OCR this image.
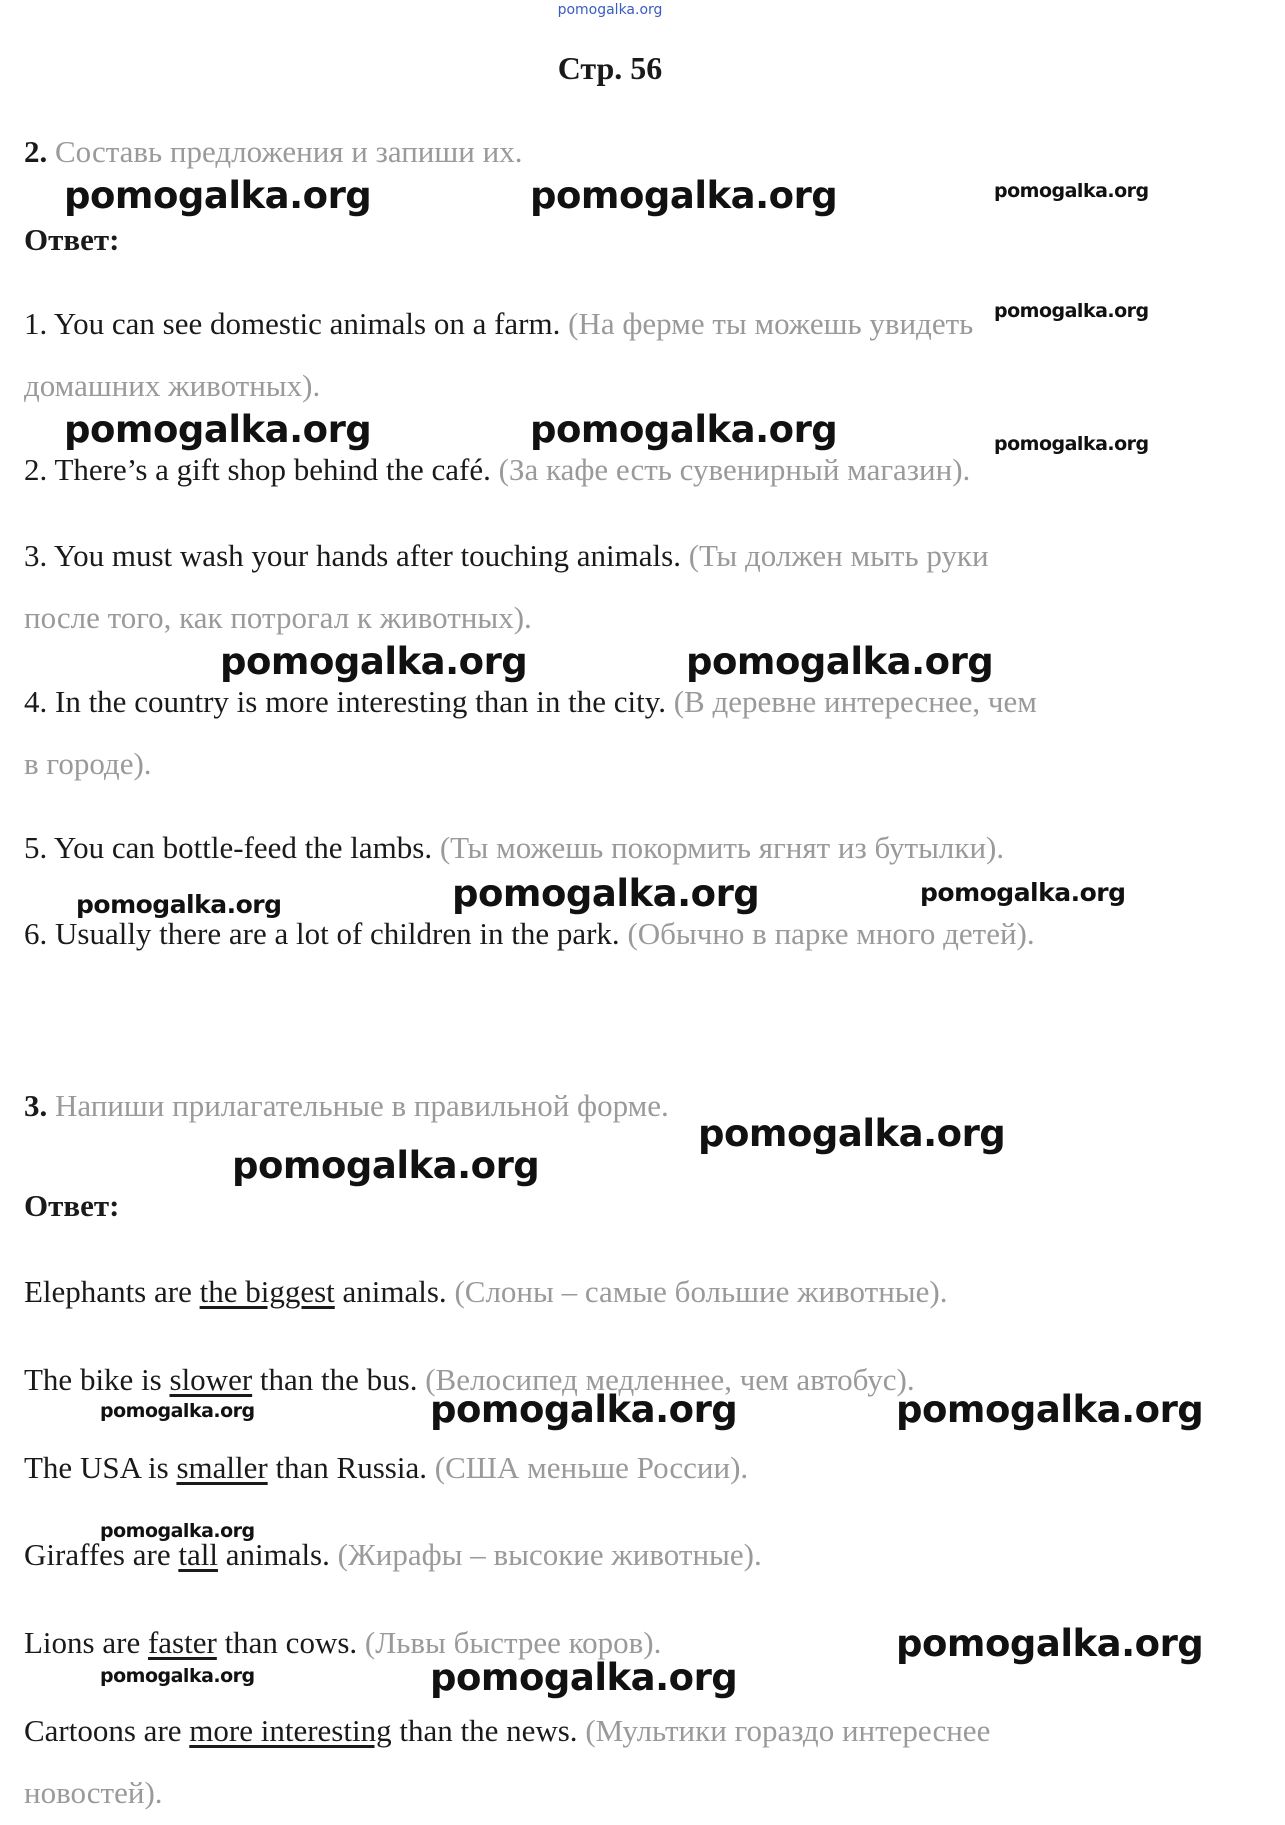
pomogalka.org
Стр. 56
2. Составь предложения и запиши их.
Ответ:
1. You can see domestic animals on a farm. (На ферме ты можешь увидеть
домашних животных).
2. There’s a gift shop behind the café. (За кафе есть сувенирный магазин).
3. You must wash your hands after touching animals. (Ты должен мыть руки
после того, как потрогал к животных).
4. In the country is more interesting than in the city. (В деревне интереснее, чем
в городе).
5. You can bottle-feed the lambs. (Ты можешь покормить ягнят из бутылки).
6. Usually there are a lot of children in the park. (Обычно в парке много детей).
3. Напиши прилагательные в правильной форме.
Ответ:
Elephants are the biggest animals. (Слоны – самые большие животные).
The bike is slower than the bus. (Велосипед медленнее, чем автобус).
The USA is smaller than Russia. (США меньше России).
Giraffes are tall animals. (Жирафы – высокие животные).
Lions are faster than cows. (Львы быстрее коров).
Cartoons are more interesting than the news. (Мультики гораздо интереснее
новостей).
pomogalka.org	pomogalka.org	pomogalka.org
pomogalka.org
pomogalka.org	pomogalka.org	pomogalka.org
pomogalka.org	pomogalka.org
pomogalka.org	pomogalka.org	pomogalka.org
pomogalka.org
pomogalka.org
pomogalka.org	pomogalka.org	pomogalka.org
pomogalka.org
pomogalka.org
pomogalka.org	pomogalka.org
